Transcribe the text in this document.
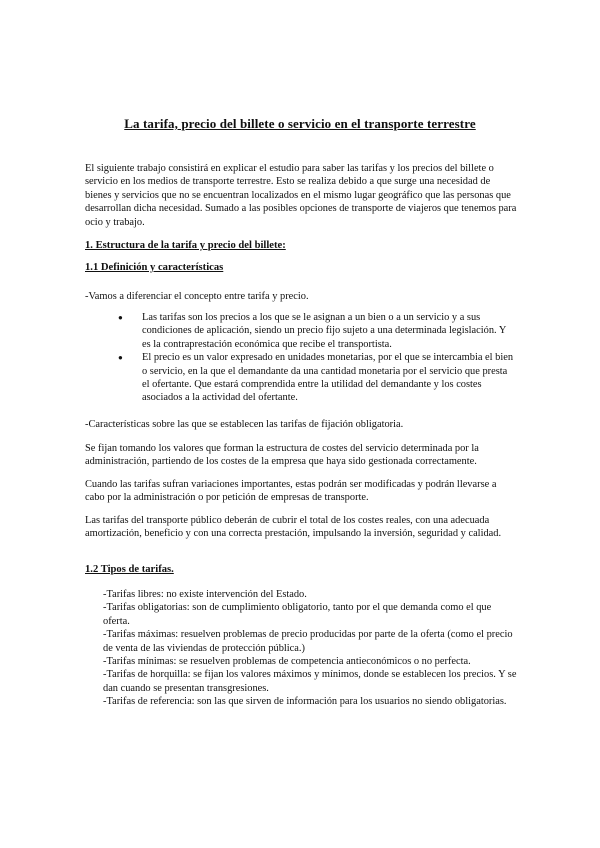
La tarifa, precio del billete o servicio en el transporte terrestre

El siguiente trabajo consistirá en explicar el estudio para saber las tarifas y los precios del billete o servicio en los medios de transporte terrestre. Esto se realiza debido a que surge una necesidad de bienes y servicios que no se encuentran localizados en el mismo lugar geográfico que las personas que desarrollan dicha necesidad. Sumado a las posibles opciones de transporte de viajeros que tenemos para ocio y trabajo.

1. Estructura de la tarifa y precio del billete:

1.1 Definición y características

-Vamos a diferenciar el concepto entre tarifa y precio.

● Las tarifas son los precios a los que se le asignan a un bien o a un servicio y a sus condiciones de aplicación, siendo un precio fijo sujeto a una determinada legislación. Y es la contraprestación económica que recibe el transportista.
● El precio es un valor expresado en unidades monetarias, por el que se intercambia el bien o servicio, en la que el demandante da una cantidad monetaria por el servicio que presta el ofertante. Que estará comprendida entre la utilidad del demandante y los costes asociados a la actividad del ofertante.

-Características sobre las que se establecen las tarifas de fijación obligatoria.

Se fijan tomando los valores que forman la estructura de costes del servicio determinada por la administración, partiendo de los costes de la empresa que haya sido gestionada correctamente.

Cuando las tarifas sufran variaciones importantes, estas podrán ser modificadas y podrán llevarse a cabo por la administración o por petición de empresas de transporte.

Las tarifas del transporte público deberán de cubrir el total de los costes reales, con una adecuada amortización, beneficio y con una correcta prestación, impulsando la inversión, seguridad y calidad.

1.2 Tipos de tarifas.

-Tarifas libres: no existe intervención del Estado.
-Tarifas obligatorias: son de cumplimiento obligatorio, tanto por el que demanda como el que oferta.
-Tarifas máximas: resuelven problemas de precio producidas por parte de la oferta (como el precio de venta de las viviendas de protección pública.)
-Tarifas mínimas: se resuelven problemas de competencia antieconómicos o no perfecta.
-Tarifas de horquilla: se fijan los valores máximos y mínimos, donde se establecen los precios. Y se dan cuando se presentan transgresiones.
-Tarifas de referencia: son las que sirven de información para los usuarios no siendo obligatorias.
